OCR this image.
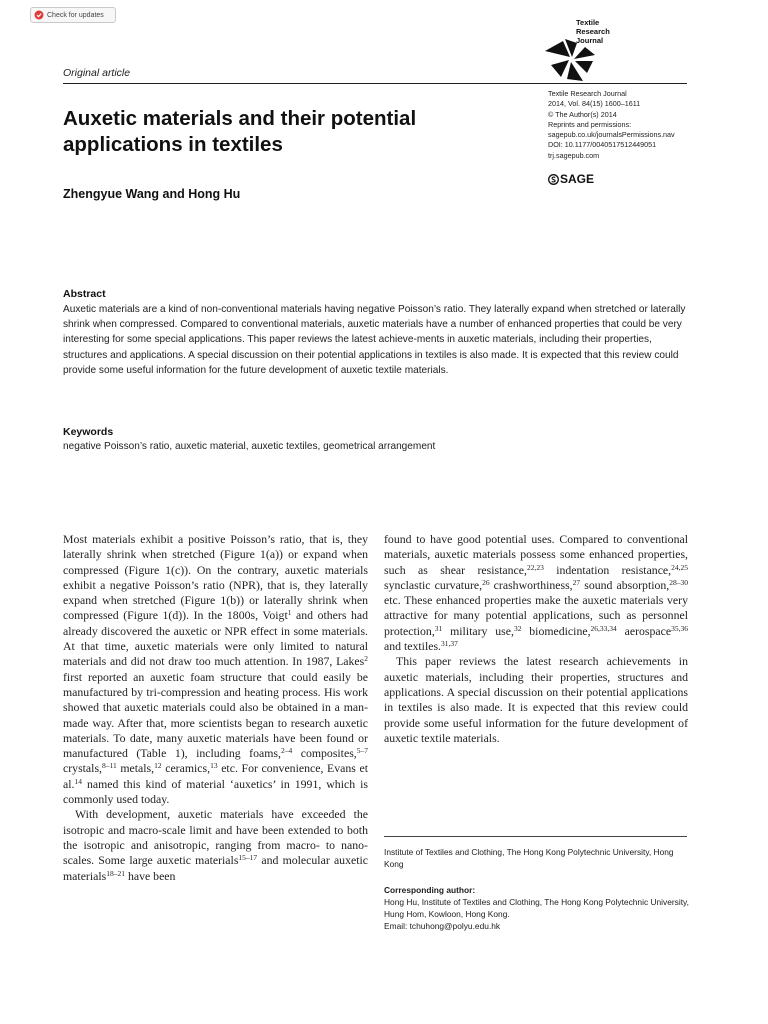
Check for updates
Textile
Research
Journal
Original article
Textile Research Journal
2014, Vol. 84(15) 1600–1611
© The Author(s) 2014
Reprints and permissions:
sagepub.co.uk/journalsPermissions.nav
DOI: 10.1177/0040517512449051
trj.sagepub.com
SAGE
Auxetic materials and their potential applications in textiles
Zhengyue Wang and Hong Hu
Abstract
Auxetic materials are a kind of non-conventional materials having negative Poisson’s ratio. They laterally expand when stretched or laterally shrink when compressed. Compared to conventional materials, auxetic materials have a number of enhanced properties that could be very interesting for some special applications. This paper reviews the latest achieve-ments in auxetic materials, including their properties, structures and applications. A special discussion on their potential applications in textiles is also made. It is expected that this review could provide some useful information for the future development of auxetic textile materials.
Keywords
negative Poisson’s ratio, auxetic material, auxetic textiles, geometrical arrangement

Most materials exhibit a positive Poisson’s ratio, that is, they laterally shrink when stretched (Figure 1(a)) or expand when compressed (Figure 1(c)). On the contrary, auxetic materials exhibit a negative Poisson’s ratio (NPR), that is, they laterally expand when stretched (Figure 1(b)) or laterally shrink when compressed (Figure 1(d)). In the 1800s, Voigt$^1$ and others had already discovered the auxetic or NPR effect in some materials. At that time, auxetic materials were only limited to natural materials and did not draw too much attention. In 1987, Lakes$^2$ first reported an auxetic foam structure that could easily be manufactured by tri-compression and heating process. His work showed that auxetic materials could also be obtained in a man-made way. After that, more scientists began to research auxetic materials. To date, many auxetic materials have been found or manufactured (Table 1), including foams,$^{2-4}$ composites,$^{5-7}$ crystals,$^{8-11}$ metals,$^{12}$ ceramics,$^{13}$ etc. For convenience, Evans et al.$^{14}$ named this kind of material ‘auxetics’ in 1991, which is commonly used today.

With development, auxetic materials have exceeded the isotropic and macro-scale limit and have been extended to both the isotropic and anisotropic, ranging from macro- to nano-scales. Some large auxetic materials$^{15-17}$ and molecular auxetic materials$^{18-21}$ have been

found to have good potential uses. Compared to conventional materials, auxetic materials possess some enhanced properties, such as shear resistance,$^{22,23}$ indentation resistance,$^{24,25}$ synclastic curvature,$^{26}$ crashworthiness,$^{27}$ sound absorption,$^{28-30}$ etc. These enhanced properties make the auxetic materials very attractive for many potential applications, such as personnel protection,$^{31}$ military use,$^{32}$ biomedicine,$^{26,33,34}$ aerospace$^{35,36}$ and textiles.$^{31,37}$

This paper reviews the latest research achievements in auxetic materials, including their properties, structures and applications. A special discussion on their potential applications in textiles is also made. It is expected that this review could provide some useful information for the future development of auxetic textile materials.

Institute of Textiles and Clothing, The Hong Kong Polytechnic University, Hong Kong

Corresponding author:

Hong Hu, Institute of Textiles and Clothing, The Hong Kong Polytechnic University, Hung Hom, Kowloon, Hong Kong.

Email: tchuhong@polyu.edu.hk
